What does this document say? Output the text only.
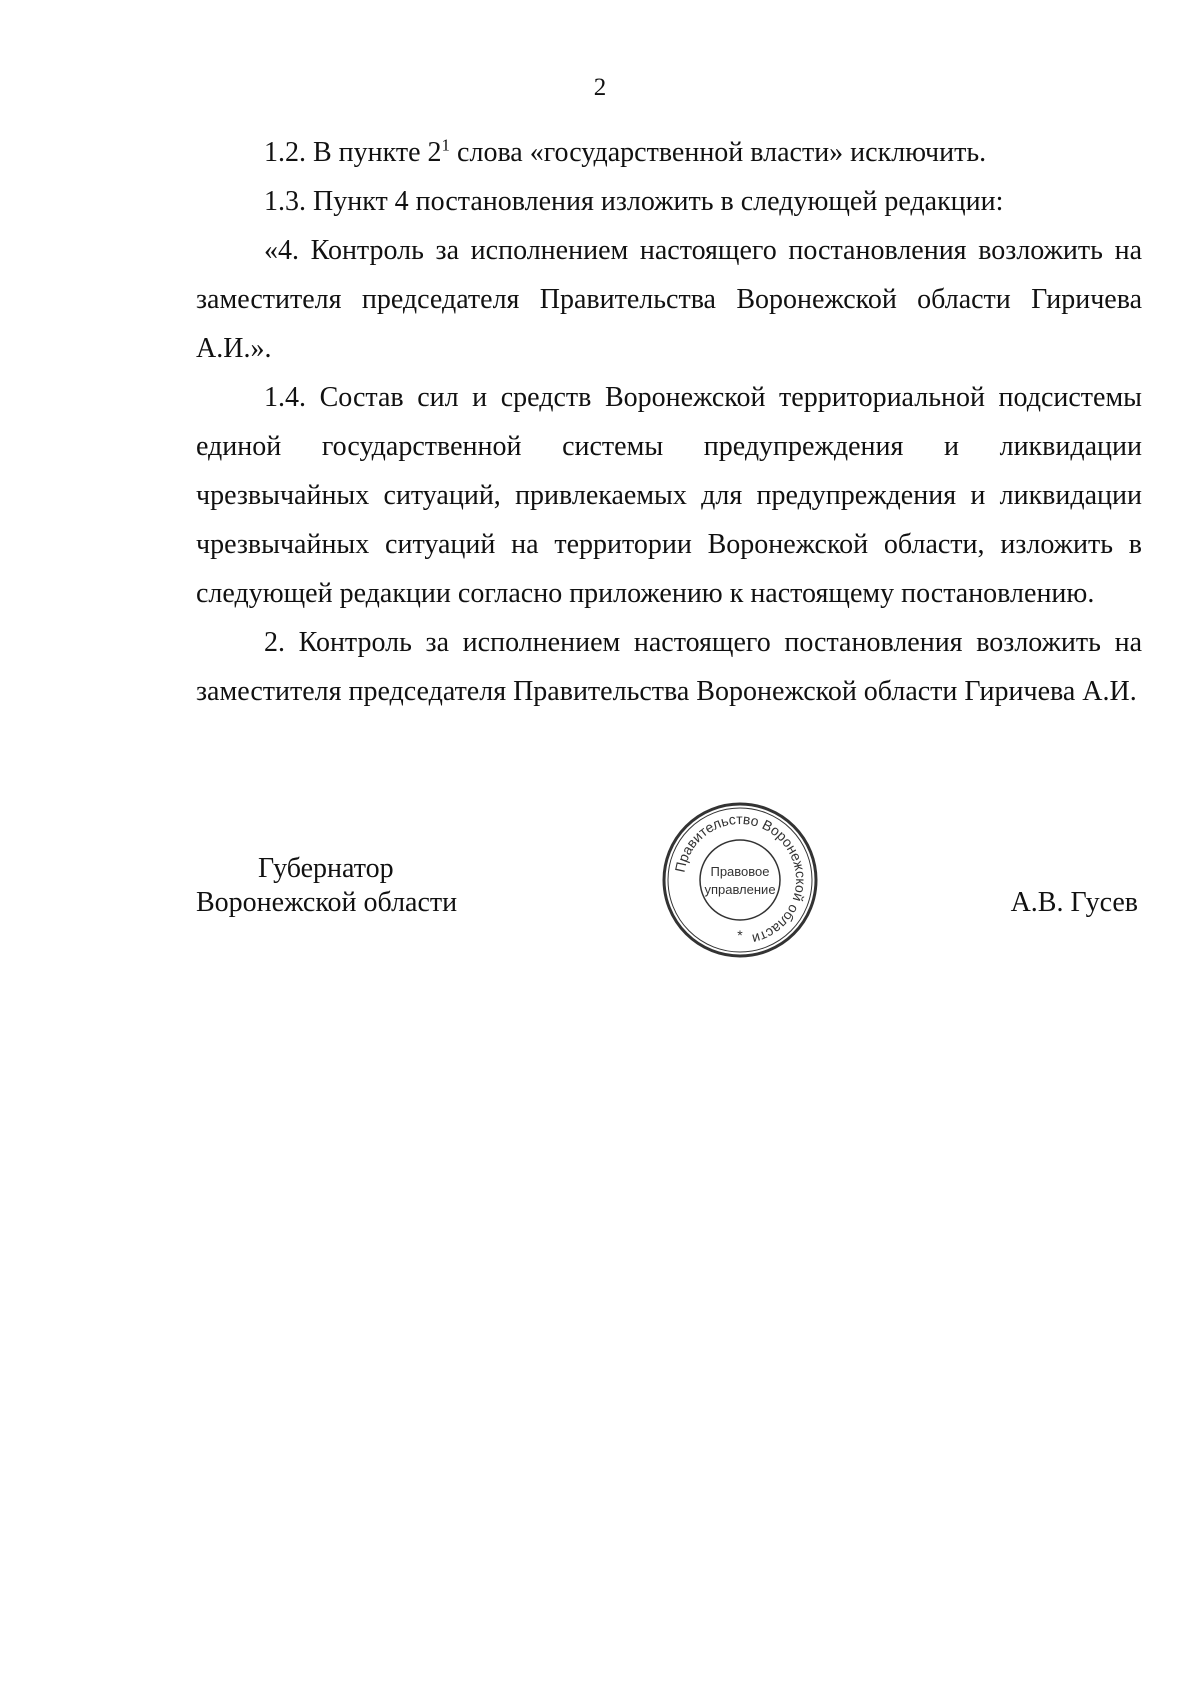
2

1.2. В пункте $2^1$ слова «государственной власти» исключить.

1.3. Пункт 4 постановления изложить в следующей редакции:

«4. Контроль за исполнением настоящего постановления возложить на заместителя председателя Правительства Воронежской области Гиричева А.И.».

1.4. Состав сил и средств Воронежской территориальной подсистемы единой государственной системы предупреждения и ликвидации чрезвычайных ситуаций, привлекаемых для предупреждения и ликвидации чрезвычайных ситуаций на территории Воронежской области, изложить в следующей редакции согласно приложению к настоящему постановлению.

2. Контроль за исполнением настоящего постановления возложить на заместителя председателя Правительства Воронежской области Гиричева А.И.

Губернатор
Воронежской области
Правительство Воронежской области
Правовое
управление
*
А.В. Гусев
